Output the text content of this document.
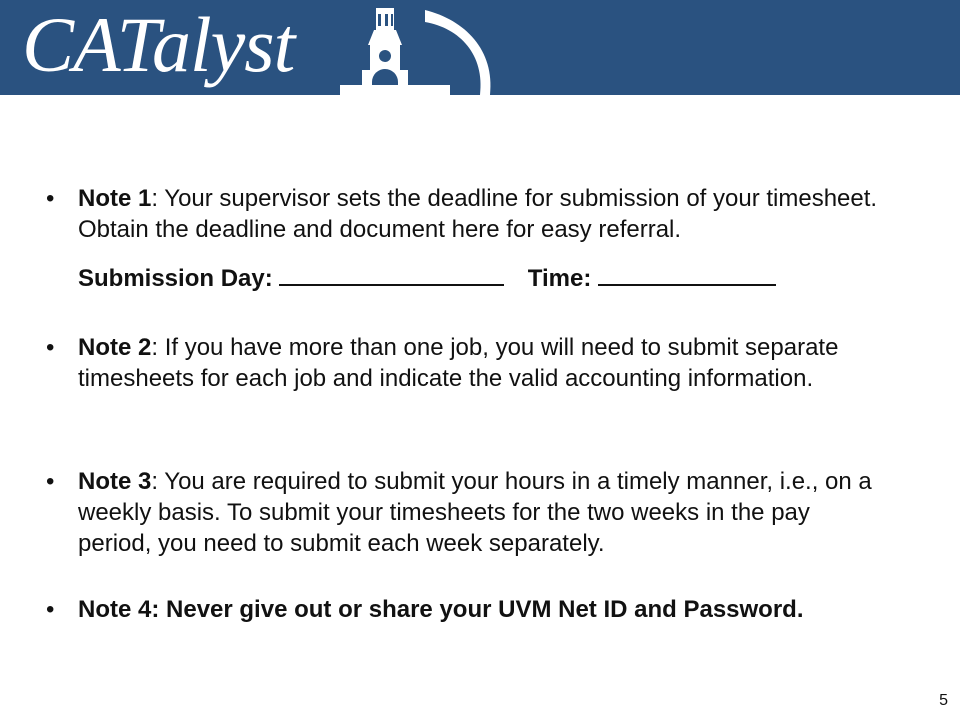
CATalyst
• Note 1: Your supervisor sets the deadline for submission of your timesheet. Obtain the deadline and document here for easy referral.
Submission Day:	Time:
• Note 2: If you have more than one job, you will need to submit separate timesheets for each job and indicate the valid accounting information.
• Note 3: You are required to submit your hours in a timely manner, i.e., on a weekly basis. To submit your timesheets for the two weeks in the pay period, you need to submit each week separately.
• Note 4: Never give out or share your UVM Net ID and Password.
5
